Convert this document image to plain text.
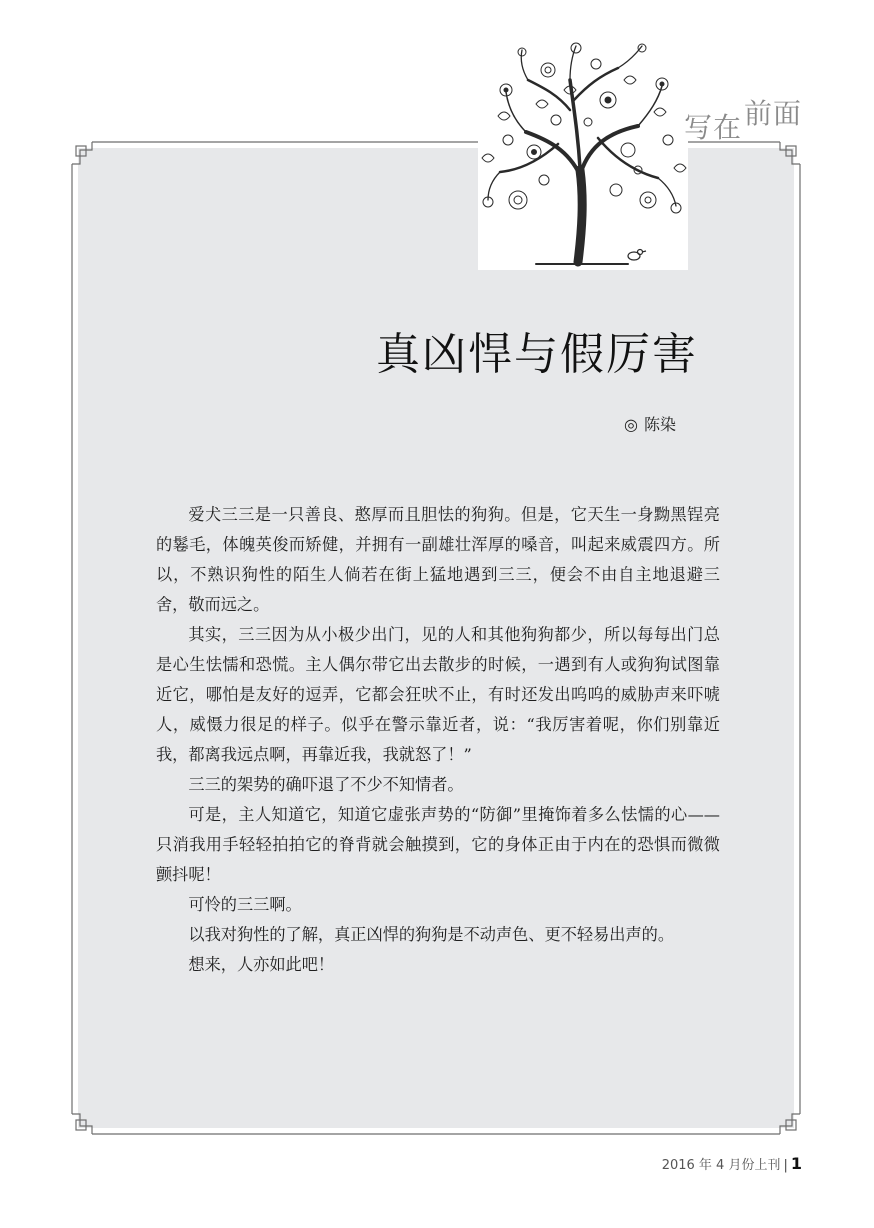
写在 前面
真凶悍与假厉害
◎ 陈染

爱犬三三是一只善良、憨厚而且胆怯的狗狗。但是，它天生一身黝黑锃亮的鬈毛，体魄英俊而矫健，并拥有一副雄壮浑厚的嗓音，叫起来威震四方。所以，不熟识狗性的陌生人倘若在街上猛地遇到三三，便会不由自主地退避三舍，敬而远之。

其实，三三因为从小极少出门，见的人和其他狗狗都少，所以每每出门总是心生怯懦和恐慌。主人偶尔带它出去散步的时候，一遇到有人或狗狗试图靠近它，哪怕是友好的逗弄，它都会狂吠不止，有时还发出呜呜的威胁声来吓唬人，威慑力很足的样子。似乎在警示靠近者，说：“我厉害着呢，你们别靠近我，都离我远点啊，再靠近我，我就怒了！”

三三的架势的确吓退了不少不知情者。

可是，主人知道它，知道它虚张声势的“防御”里掩饰着多么怯懦的心——只消我用手轻轻拍拍它的脊背就会触摸到，它的身体正由于内在的恐惧而微微颤抖呢！

可怜的三三啊。

以我对狗性的了解，真正凶悍的狗狗是不动声色、更不轻易出声的。

想来，人亦如此吧！

2016 年 4 月份上刊 | 1
